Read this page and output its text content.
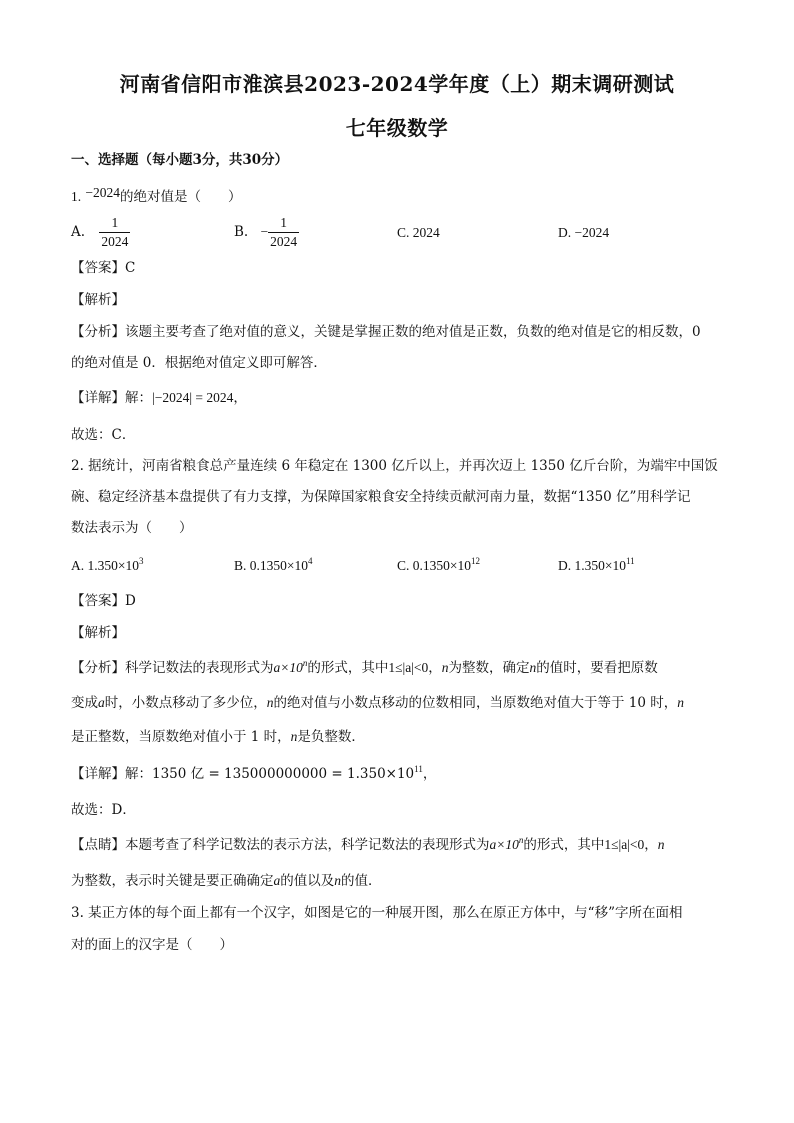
河南省信阳市淮滨县2023-2024学年度（上）期末调研测试
七年级数学
一、选择题（每小题3分，共30分）
1. −2024的绝对值是（　　）
A. $\frac{1}{2024}$	B. − $\frac{1}{2024}$	C. 2024	D. −2024
【答案】C
【解析】
【分析】该题主要考查了绝对值的意义，关键是掌握正数的绝对值是正数，负数的绝对值是它的相反数，0
的绝对值是 0．根据绝对值定义即可解答．
【详解】解：|−2024| = 2024，
故选：C．
2. 据统计，河南省粮食总产量连续 6 年稳定在 1300 亿斤以上，并再次迈上 1350 亿斤台阶，为端牢中国饭
碗、稳定经济基本盘提供了有力支撑，为保障国家粮食安全持续贡献河南力量，数据“1350 亿”用科学记
数法表示为（　　）
A. $1.350\times 10^3$	B. $0.1350\times 10^4$	C. $0.1350\times 10^{12}$	D. $1.350\times 10^{11}$
【答案】D
【解析】
【分析】科学记数法的表现形式为$a\times 10^n$的形式，其中1≤|a|<0，n为整数，确定n的值时，要看把原数
变成a时，小数点移动了多少位，n的绝对值与小数点移动的位数相同，当原数绝对值大于等于 10 时，n
是正整数，当原数绝对值小于 1 时，n是负整数．
【详解】解：1350 亿 = $135000000000 = 1.350\times 10^{11}$，
故选：D．
【点睛】本题考查了科学记数法的表示方法，科学记数法的表现形式为$a\times 10^n$的形式，其中1≤|a|<0，n
为整数，表示时关键是要正确确定a的值以及n的值．
3. 某正方体的每个面上都有一个汉字，如图是它的一种展开图，那么在原正方体中，与“移”字所在面相
对的面上的汉字是（　　）
